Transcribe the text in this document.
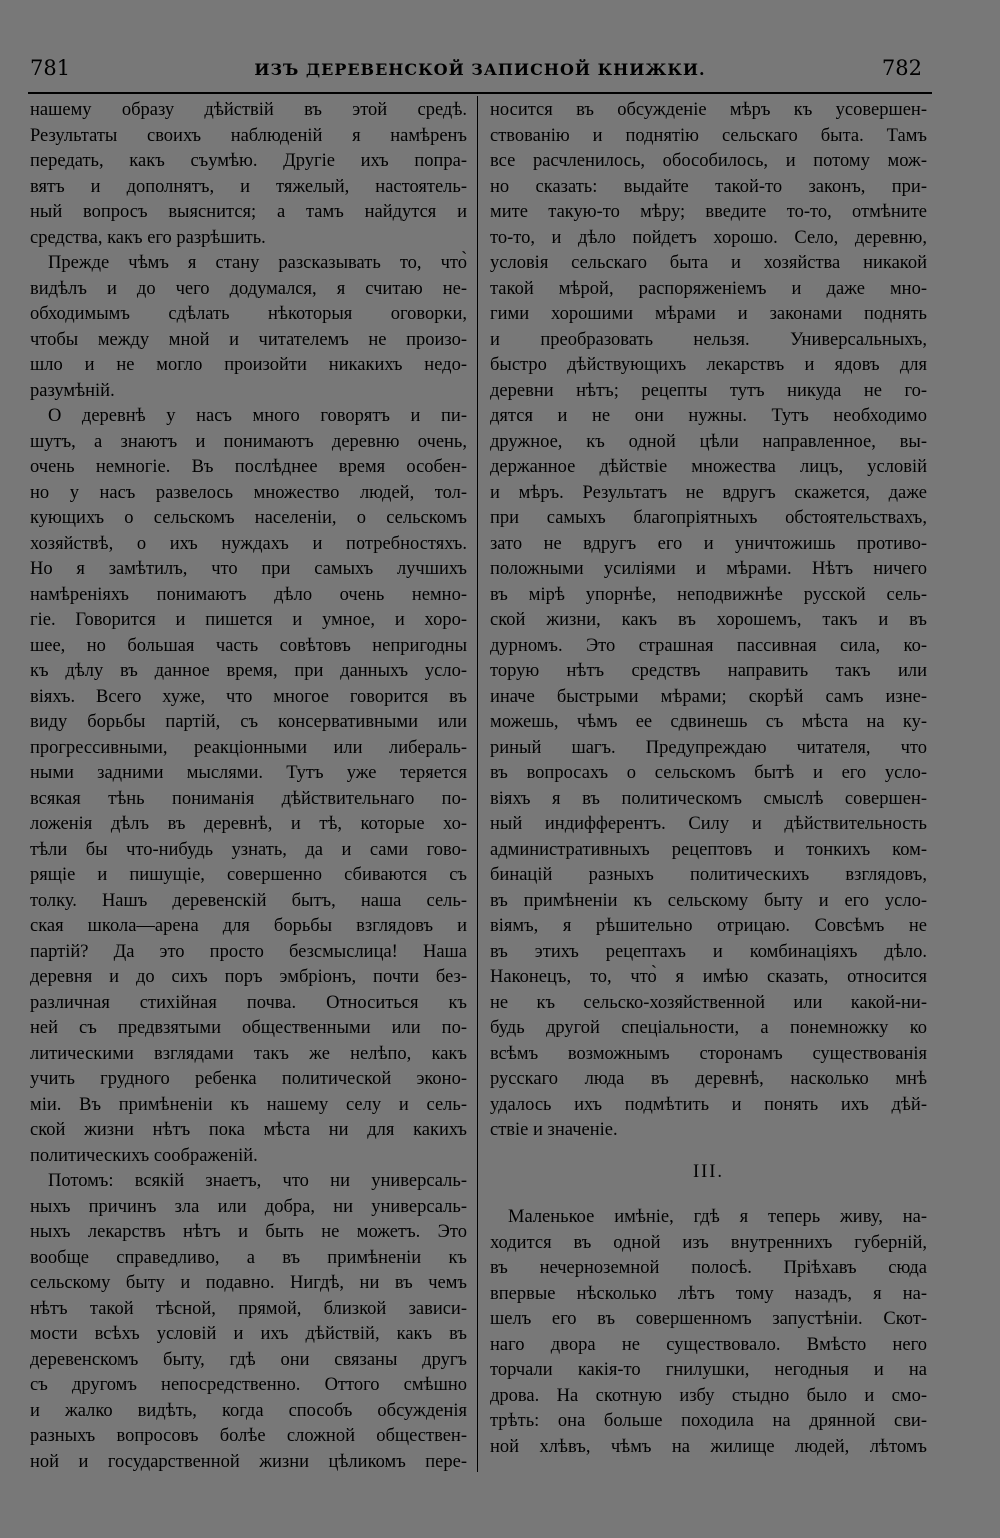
781	ИЗЪ ДЕРЕВЕНСКОЙ ЗАПИСНОЙ КНИЖКИ.	782
нашему образу дѣйствій въ этой средѣ.
Результаты своихъ наблюденій я намѣренъ
передать, какъ съумѣю. Другіе ихъ попра-
вятъ и дополнятъ, и тяжелый, настоятель-
ный вопросъ выяснится; а тамъ найдутся и
средства, какъ его разрѣшить.
Прежде чѣмъ я стану разсказывать то, что̀
видѣлъ и до чего додумался, я считаю не-
обходимымъ сдѣлать нѣкоторыя оговорки,
чтобы между мной и читателемъ не произо-
шло и не могло произойти никакихъ недо-
разумѣній.
О деревнѣ у насъ много говорятъ и пи-
шутъ, а знаютъ и понимаютъ деревню очень,
очень немногіе. Въ послѣднее время особен-
но у насъ развелось множество людей, тол-
кующихъ о сельскомъ населеніи, о сельскомъ
хозяйствѣ, о ихъ нуждахъ и потребностяхъ.
Но я замѣтилъ, что при самыхъ лучшихъ
намѣреніяхъ понимаютъ дѣло очень немно-
гіе. Говорится и пишется и умное, и хоро-
шее, но большая часть совѣтовъ непригодны
къ дѣлу въ данное время, при данныхъ усло-
віяхъ. Всего хуже, что многое говорится въ
виду борьбы партій, съ консервативными или
прогрессивными, реакціонными или либераль-
ными задними мыслями. Тутъ уже теряется
всякая тѣнь пониманія дѣйствительнаго по-
ложенія дѣлъ въ деревнѣ, и тѣ, которые хо-
тѣли бы что-нибудь узнать, да и сами гово-
рящіе и пишущіе, совершенно сбиваются съ
толку. Нашъ деревенскій бытъ, наша сель-
ская школа—арена для борьбы взглядовъ и
партій? Да это просто безсмыслица! Наша
деревня и до сихъ поръ эмбріонъ, почти без-
различная стихійная почва. Относиться къ
ней съ предвзятыми общественными или по-
литическими взглядами такъ же нелѣпо, какъ
учить грудного ребенка политической эконо-
міи. Въ примѣненіи къ нашему селу и сель-
ской жизни нѣтъ пока мѣста ни для какихъ
политическихъ соображеній.
Потомъ: всякій знаетъ, что ни универсаль-
ныхъ причинъ зла или добра, ни универсаль-
ныхъ лекарствъ нѣтъ и быть не можетъ. Это
вообще справедливо, а въ примѣненіи къ
сельскому быту и подавно. Нигдѣ, ни въ чемъ
нѣтъ такой тѣсной, прямой, близкой зависи-
мости всѣхъ условій и ихъ дѣйствій, какъ въ
деревенскомъ быту, гдѣ они связаны другъ
съ другомъ непосредственно. Оттого смѣшно
и жалко видѣть, когда способъ обсужденія
разныхъ вопросовъ болѣе сложной обществен-
ной и государственной жизни цѣликомъ пере-
носится въ обсужденіе мѣръ къ усовершен-
ствованію и поднятію сельскаго быта. Тамъ
все расчленилось, обособилось, и потому мож-
но сказать: выдайте такой-то законъ, при-
мите такую-то мѣру; введите то-то, отмѣните
то-то, и дѣло пойдетъ хорошо. Село, деревню,
условія сельскаго быта и хозяйства никакой
такой мѣрой, распоряженіемъ и даже мно-
гими хорошими мѣрами и законами поднять
и преобразовать нельзя. Универсальныхъ,
быстро дѣйствующихъ лекарствъ и ядовъ для
деревни нѣтъ; рецепты тутъ никуда не го-
дятся и не они нужны. Тутъ необходимо
дружное, къ одной цѣли направленное, вы-
держанное дѣйствіе множества лицъ, условій
и мѣръ. Результатъ не вдругъ скажется, даже
при самыхъ благопріятныхъ обстоятельствахъ,
зато не вдругъ его и уничтожишь противо-
положными усиліями и мѣрами. Нѣтъ ничего
въ мірѣ упорнѣе, неподвижнѣе русской сель-
ской жизни, какъ въ хорошемъ, такъ и въ
дурномъ. Это страшная пассивная сила, ко-
торую нѣтъ средствъ направить такъ или
иначе быстрыми мѣрами; скорѣй самъ изне-
можешь, чѣмъ ее сдвинешь съ мѣста на ку-
риный шагъ. Предупреждаю читателя, что
въ вопросахъ о сельскомъ бытѣ и его усло-
віяхъ я въ политическомъ смыслѣ совершен-
ный индифферентъ. Силу и дѣйствительность
административныхъ рецептовъ и тонкихъ ком-
бинацій разныхъ политическихъ взглядовъ,
въ примѣненіи къ сельскому быту и его усло-
віямъ, я рѣшительно отрицаю. Совсѣмъ не
въ этихъ рецептахъ и комбинаціяхъ дѣло.
Наконецъ, то, что̀ я имѣю сказать, относится
не къ сельско-хозяйственной или какой-ни-
будь другой спеціальности, а понемножку ко
всѣмъ возможнымъ сторонамъ существованія
русскаго люда въ деревнѣ, насколько мнѣ
удалось ихъ подмѣтить и понять ихъ дѣй-
ствіе и значеніе.
III.
Маленькое имѣніе, гдѣ я теперь живу, на-
ходится въ одной изъ внутреннихъ губерній,
въ нечерноземной полосѣ. Пріѣхавъ сюда
впервые нѣсколько лѣтъ тому назадъ, я на-
шелъ его въ совершенномъ запустѣніи. Скот-
наго двора не существовало. Вмѣсто него
торчали какія-то гнилушки, негодныя и на
дрова. На скотную избу стыдно было и смо-
трѣть: она больше походила на дрянной сви-
ной хлѣвъ, чѣмъ на жилище людей, лѣтомъ
